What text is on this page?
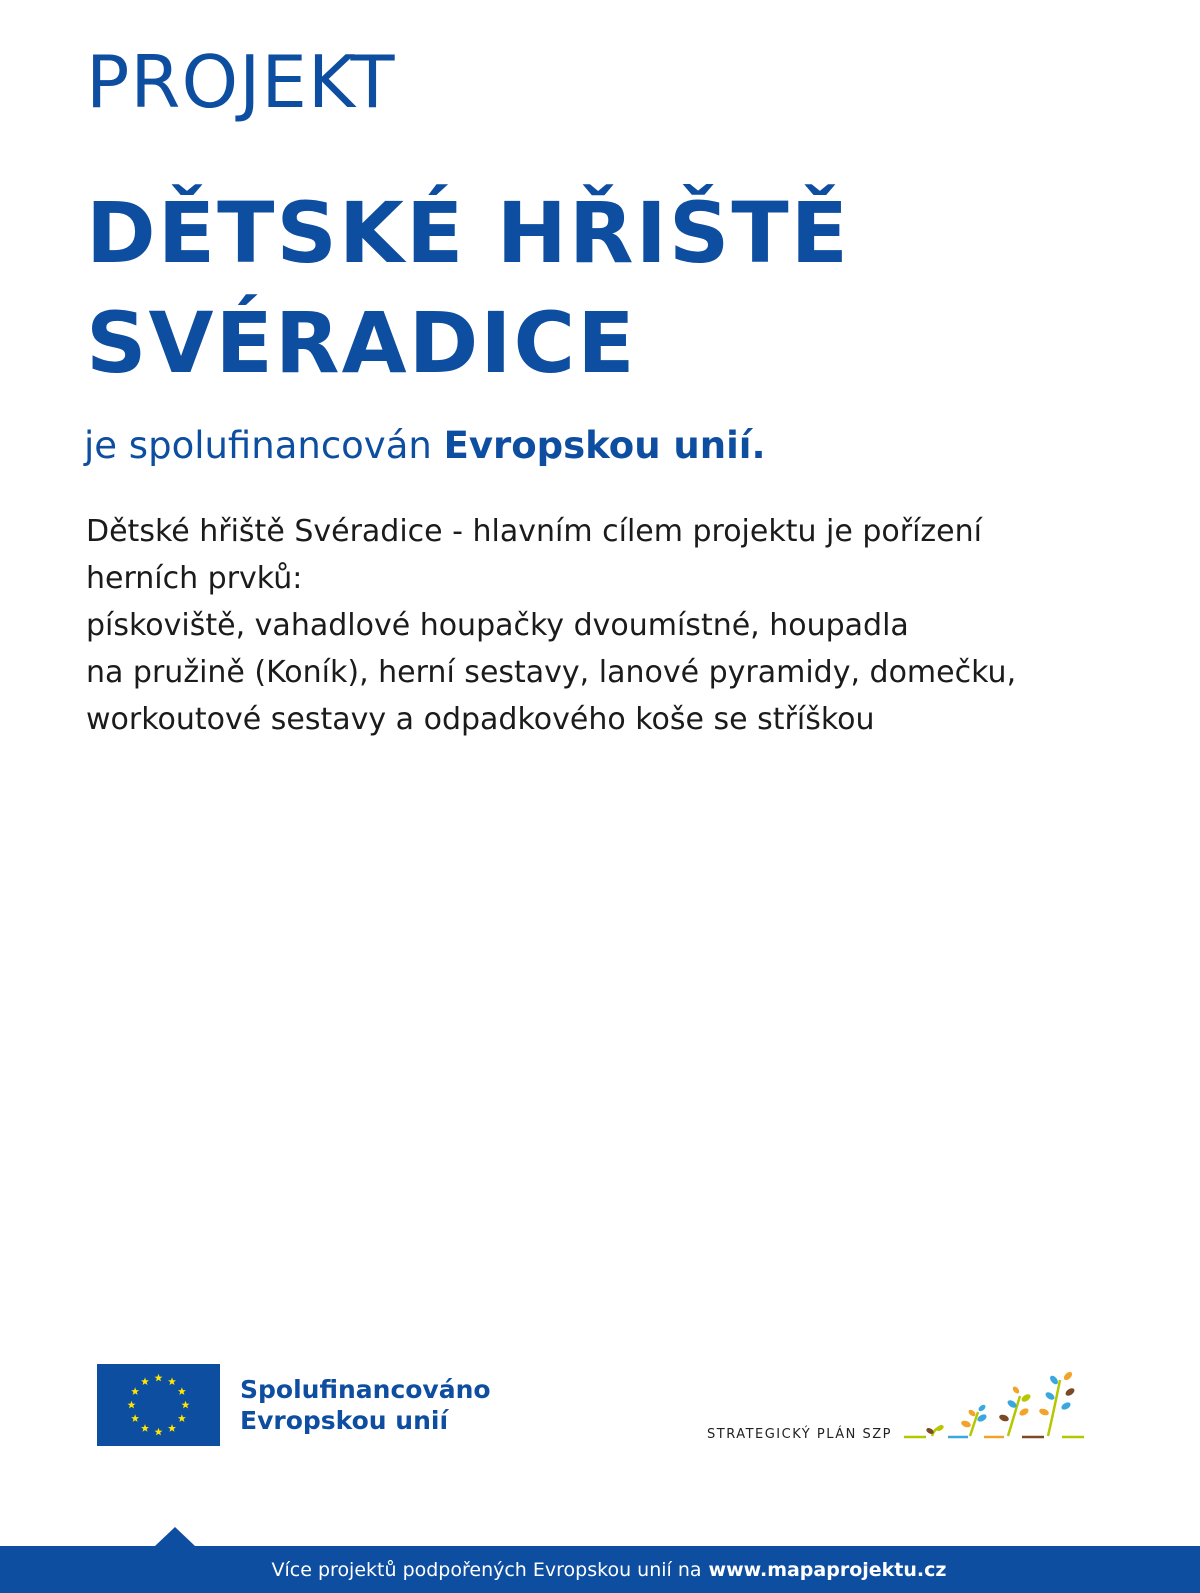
PROJEKT
DĚTSKÉ HŘIŠTĚ
SVÉRADICE
je spolufinancován Evropskou unií.
Dětské hřiště Svéradice - hlavním cílem projektu je pořízení
herních prvků:
pískoviště, vahadlové houpačky dvoumístné, houpadla
na pružině (Koník), herní sestavy, lanové pyramidy, domečku,
workoutové sestavy a odpadkového koše se stříškou
Spolufinancováno
Evropskou unií	STRATEGICKÝ PLÁN SZP
Více projektů podpořených Evropskou unií na www.mapaprojektu.cz
